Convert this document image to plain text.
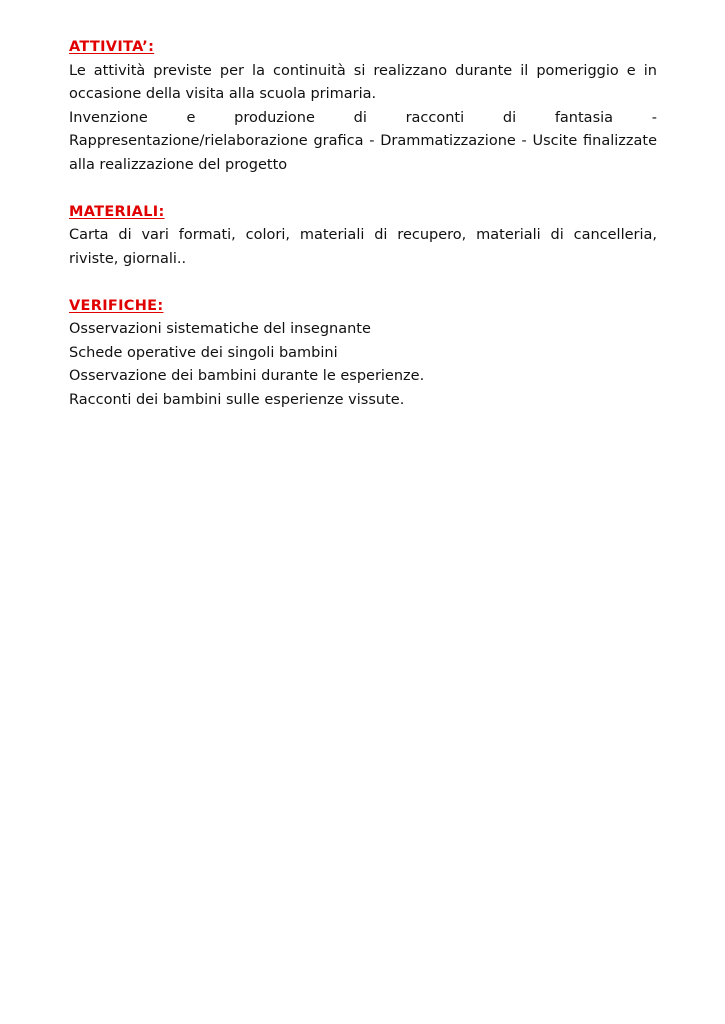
ATTIVITA’:
Le attività previste per la continuità si realizzano durante il pomeriggio e in occasione della visita alla scuola primaria.
Invenzione e produzione di racconti di fantasia -
Rappresentazione/rielaborazione grafica - Drammatizzazione - Uscite finalizzate alla realizzazione del progetto
MATERIALI:
Carta di vari formati, colori, materiali di recupero, materiali di cancelleria, riviste, giornali..
VERIFICHE:
Osservazioni sistematiche del insegnante
Schede operative dei singoli bambini
Osservazione dei bambini durante le esperienze.
Racconti dei bambini sulle esperienze vissute.
